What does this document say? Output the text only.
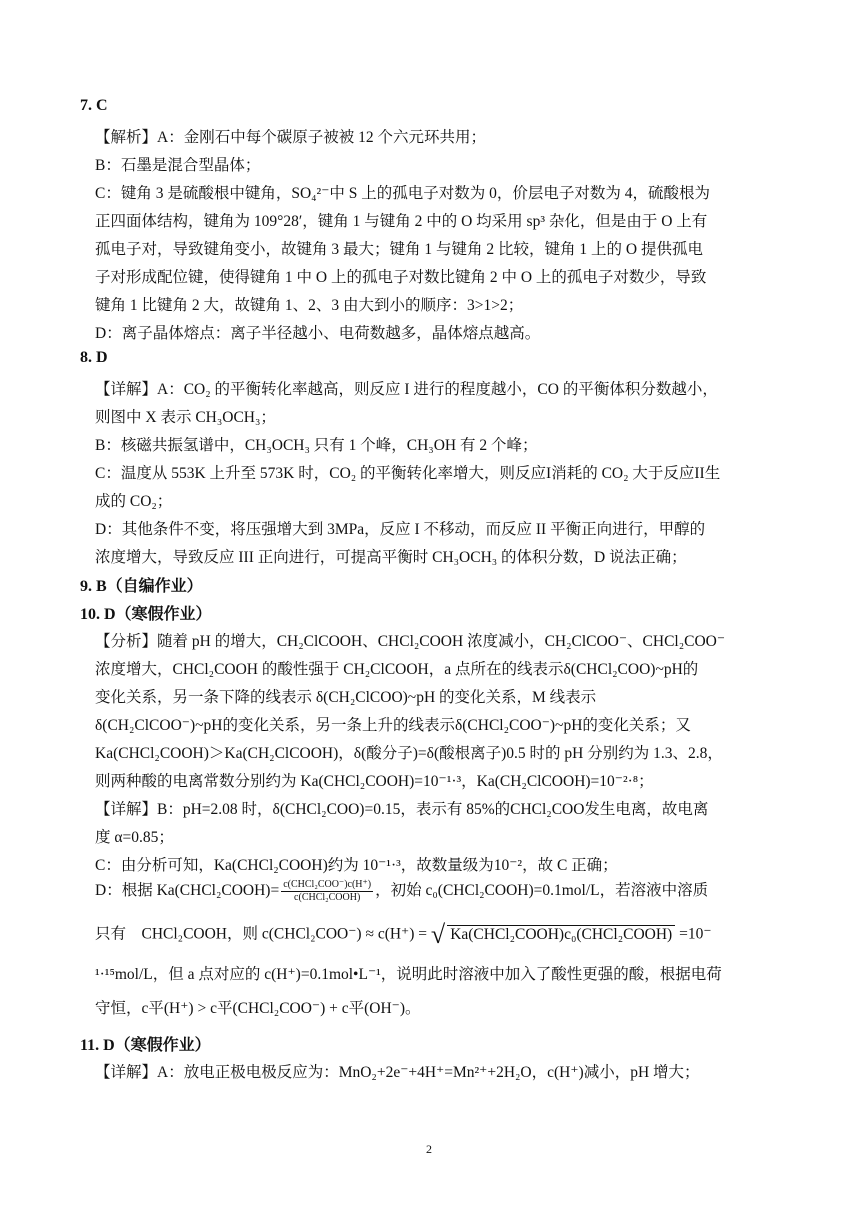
7. C
【解析】A：金刚石中每个碳原子被被 12 个六元环共用；
B：石墨是混合型晶体；
C：键角 3 是硫酸根中键角，SO₄²⁻中 S 上的孤电子对数为 0，价层电子对数为 4，硫酸根为
正四面体结构，键角为 109°28′，键角 1 与键角 2 中的 O 均采用 sp³ 杂化，但是由于 O 上有
孤电子对，导致键角变小，故键角 3 最大；键角 1 与键角 2 比较，键角 1 上的 O 提供孤电
子对形成配位键，使得键角 1 中 O 上的孤电子对数比键角 2 中 O 上的孤电子对数少，导致
键角 1 比键角 2 大，故键角 1、2、3 由大到小的顺序：3>1>2；
D：离子晶体熔点：离子半径越小、电荷数越多，晶体熔点越高。
8. D
【详解】A：CO₂ 的平衡转化率越高，则反应 I 进行的程度越小，CO 的平衡体积分数越小，
则图中 X 表示 CH₃OCH₃；
B：核磁共振氢谱中，CH₃OCH₃ 只有 1 个峰，CH₃OH 有 2 个峰；
C：温度从 553K 上升至 573K 时，CO₂ 的平衡转化率增大，则反应I消耗的 CO₂ 大于反应II生
成的 CO₂；
D：其他条件不变，将压强增大到 3MPa，反应 I 不移动，而反应 II 平衡正向进行，甲醇的
浓度增大，导致反应 III 正向进行，可提高平衡时 CH₃OCH₃ 的体积分数，D 说法正确；
9. B（自编作业）
10. D（寒假作业）
【分析】随着 pH 的增大，CH₂ClCOOH、CHCl₂COOH 浓度减小，CH₂ClCOO⁻、CHCl₂COO⁻
浓度增大，CHCl₂COOH 的酸性强于 CH₂ClCOOH，a 点所在的线表示δ(CHCl₂COO)~pH的
变化关系，另一条下降的线表示 δ(CH₂ClCOO)~pH 的变化关系，M 线表示
δ(CH₂ClCOO⁻)~pH的变化关系，另一条上升的线表示δ(CHCl₂COO⁻)~pH的变化关系；又
Ka(CHCl₂COOH)＞Ka(CH₂ClCOOH)，δ(酸分子)=δ(酸根离子)0.5 时的 pH 分别约为 1.3、2.8，
则两种酸的电离常数分别约为 Ka(CHCl₂COOH)=10⁻¹·³，Ka(CH₂ClCOOH)=10⁻²·⁸；
【详解】B：pH=2.08 时，δ(CHCl₂COO)=0.15，表示有 85%的CHCl₂COO发生电离，故电离
度 α=0.85；
C：由分析可知，Ka(CHCl₂COOH)约为 10⁻¹·³，故数量级为10⁻²，故 C 正确；
D：根据 Ka(CHCl₂COOH)= $\frac{\text{c(CHCl₂COO⁻)c(H⁺)}}{\text{c(CHCl₂COOH)}}$ ，初始 c₀(CHCl₂COOH)=0.1mol/L，若溶液中溶质
只有　CHCl₂COOH，则 c(CHCl₂COO⁻) ≈ c(H⁺) = √ Ka(CHCl₂COOH)c₀(CHCl₂COOH) =10⁻
¹·¹⁵mol/L，但 a 点对应的 c(H⁺)=0.1mol•L⁻¹，说明此时溶液中加入了酸性更强的酸，根据电荷
守恒，c平(H⁺) > c平(CHCl₂COO⁻) + c平(OH⁻)。
11. D（寒假作业）
【详解】A：放电正极电极反应为：MnO₂+2e⁻+4H⁺=Mn²⁺+2H₂O，c(H⁺)减小，pH 增大；
2
